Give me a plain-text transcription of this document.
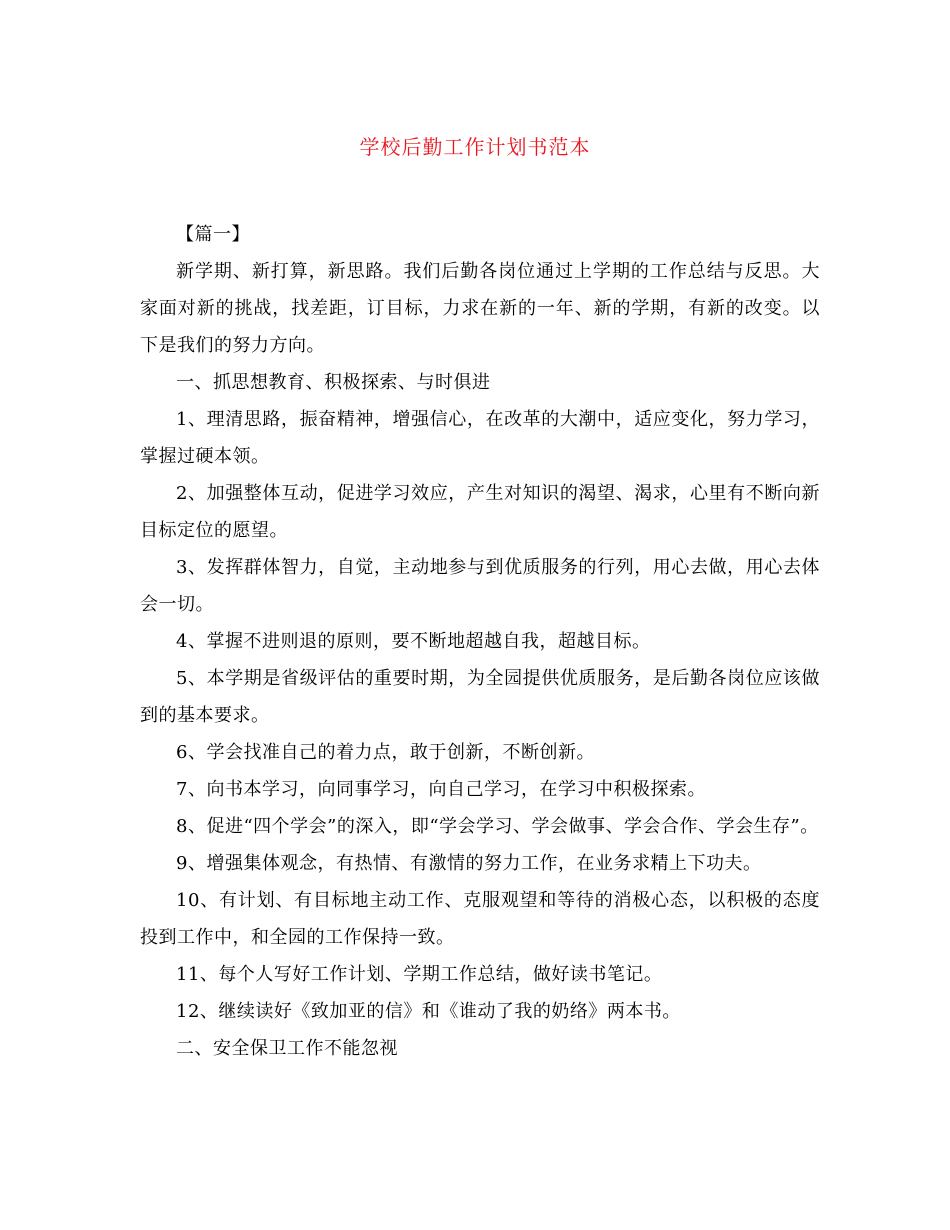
学校后勤工作计划书范本

【篇一】

新学期、新打算，新思路。我们后勤各岗位通过上学期的工作总结与反思。大家面对新的挑战，找差距，订目标，力求在新的一年、新的学期，有新的改变。以下是我们的努力方向。

一、抓思想教育、积极探索、与时俱进

1、理清思路，振奋精神，增强信心，在改革的大潮中，适应变化，努力学习，掌握过硬本领。

2、加强整体互动，促进学习效应，产生对知识的渴望、渴求，心里有不断向新目标定位的愿望。

3、发挥群体智力，自觉，主动地参与到优质服务的行列，用心去做，用心去体会一切。

4、掌握不进则退的原则，要不断地超越自我，超越目标。

5、本学期是省级评估的重要时期，为全园提供优质服务，是后勤各岗位应该做到的基本要求。

6、学会找准自己的着力点，敢于创新，不断创新。

7、向书本学习，向同事学习，向自己学习，在学习中积极探索。

8、促进“四个学会”的深入，即“学会学习、学会做事、学会合作、学会生存”。

9、增强集体观念，有热情、有激情的努力工作，在业务求精上下功夫。

10、有计划、有目标地主动工作、克服观望和等待的消极心态，以积极的态度投到工作中，和全园的工作保持一致。

11、每个人写好工作计划、学期工作总结，做好读书笔记。

12、继续读好《致加亚的信》和《谁动了我的奶络》两本书。

二、安全保卫工作不能忽视
